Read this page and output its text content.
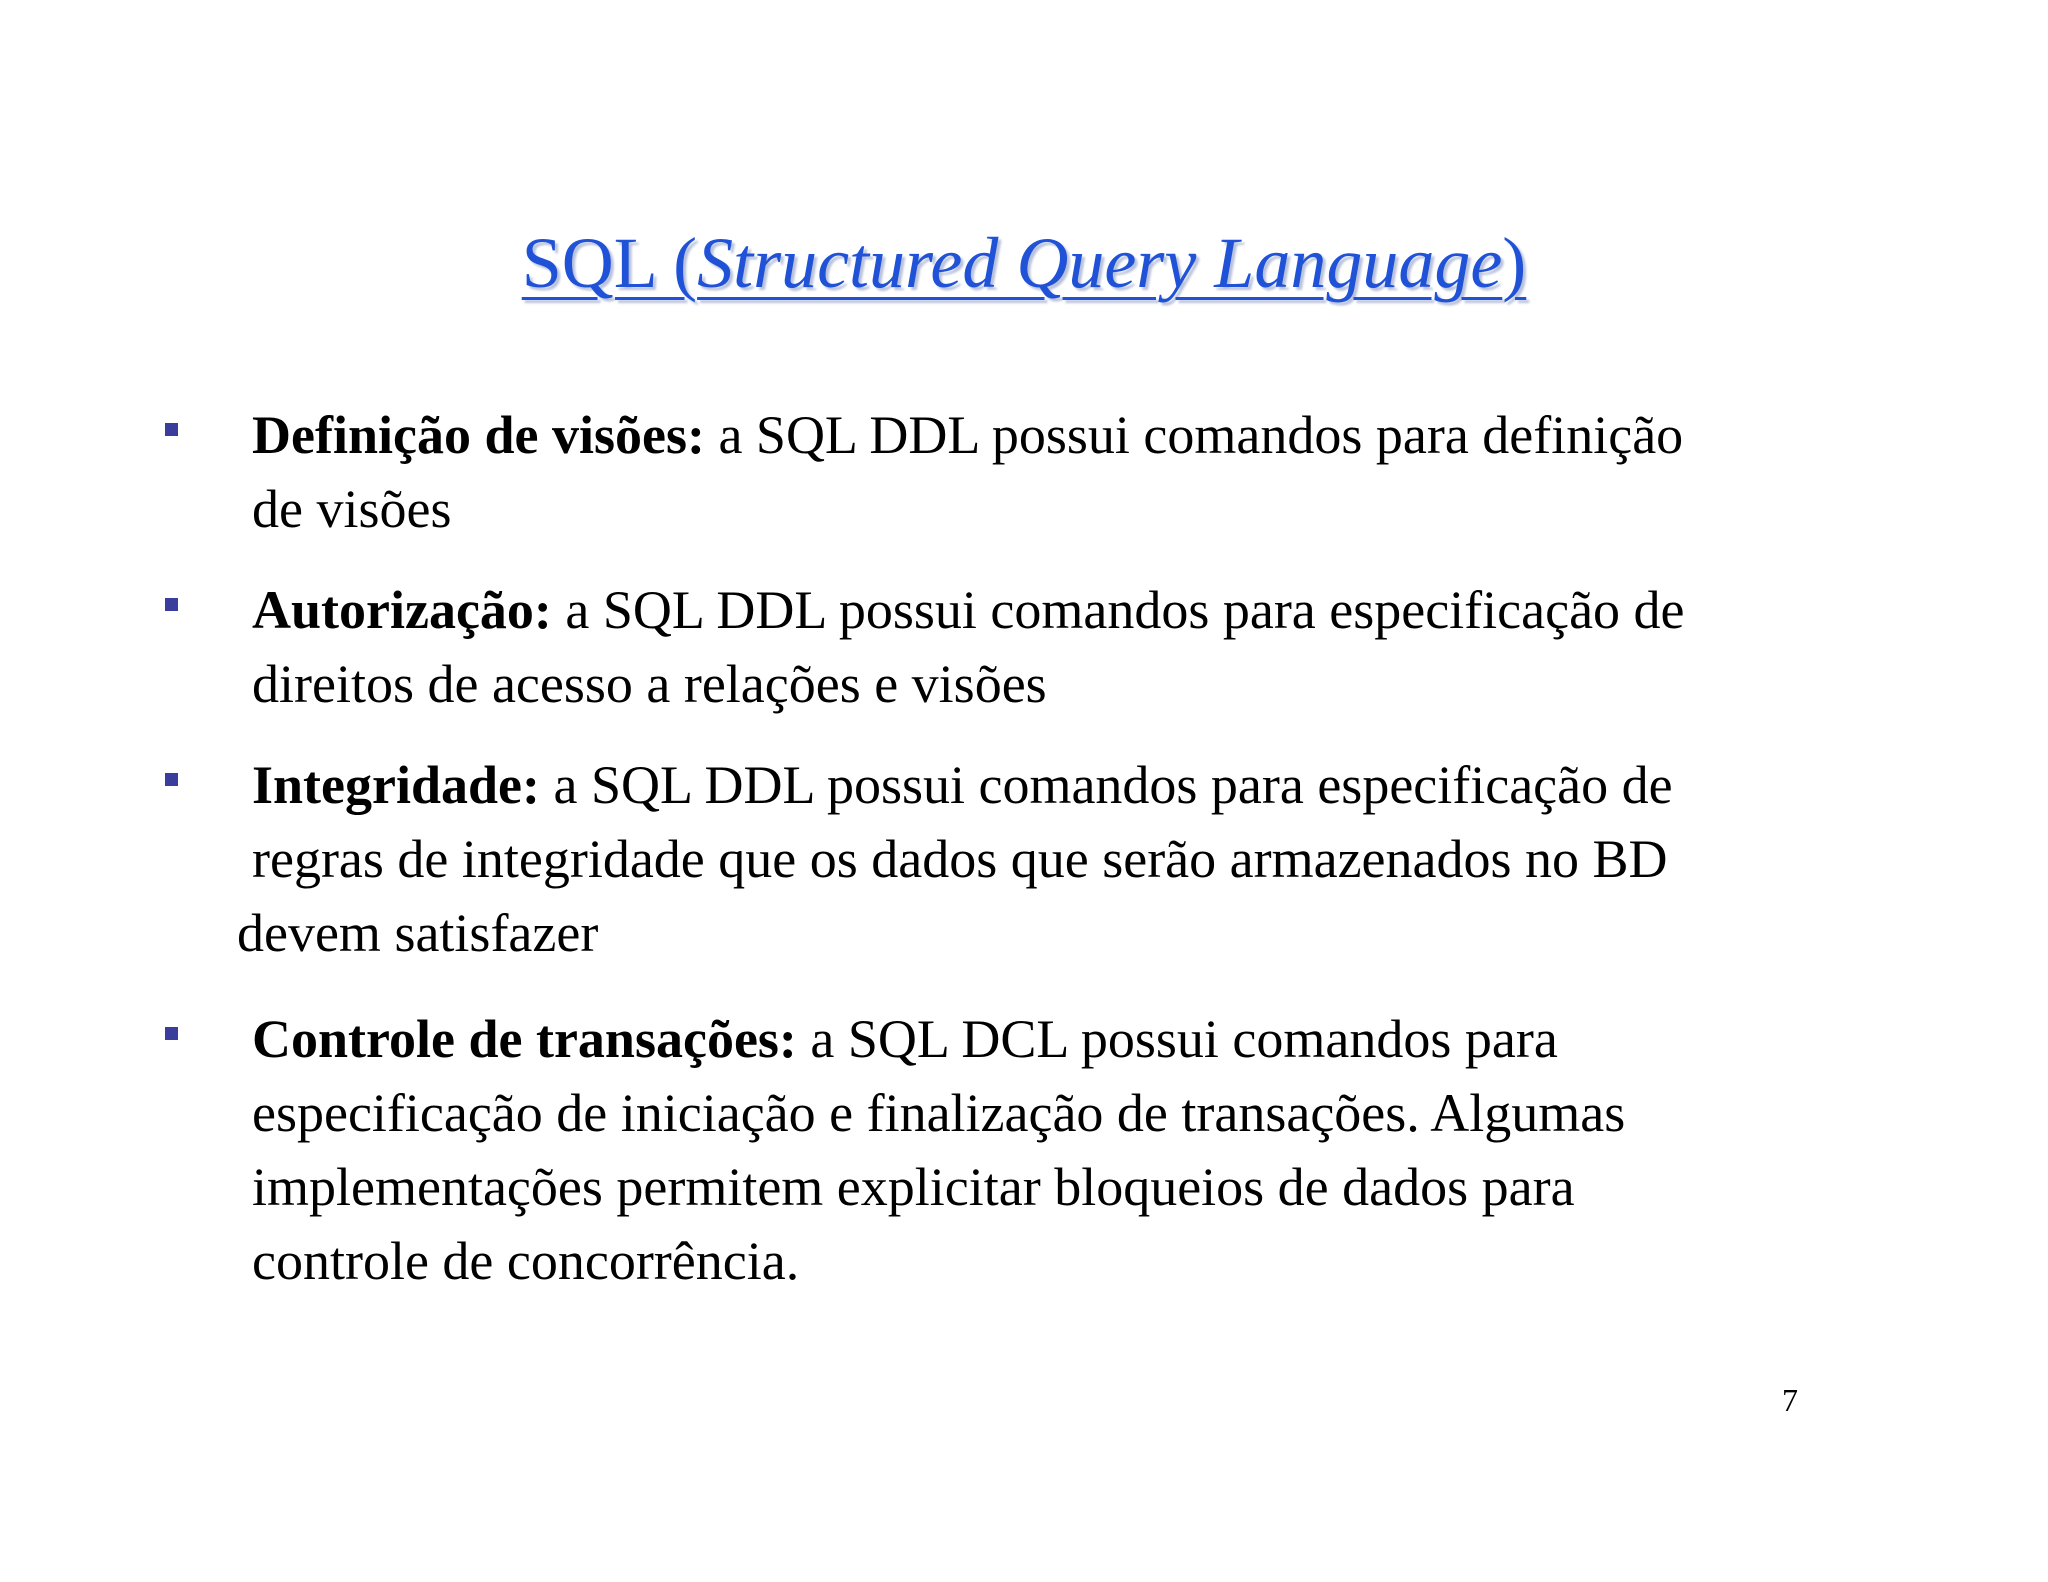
SQL (Structured Query Language)
Definição de visões: a SQL DDL possui comandos para definição
de visões
Autorização: a SQL DDL possui comandos para especificação de
direitos de acesso a relações e visões
Integridade: a SQL DDL possui comandos para especificação de
regras de integridade que os dados que serão armazenados no BD
devem satisfazer
Controle de transações: a SQL DCL possui comandos para
especificação de iniciação e finalização de transações. Algumas
implementações permitem explicitar bloqueios de dados para
controle de concorrência.
7
